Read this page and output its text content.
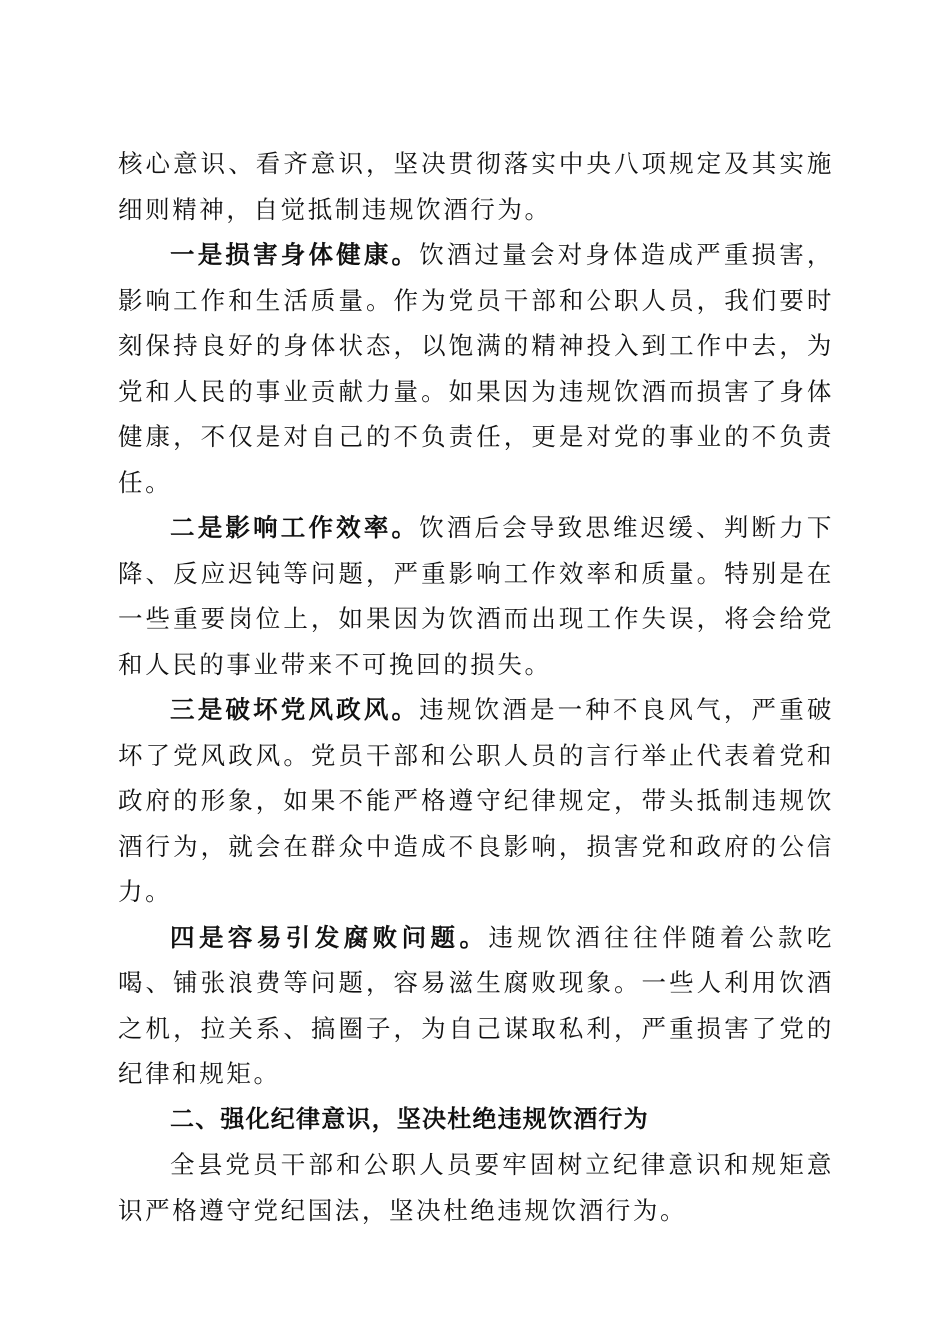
核心意识、看齐意识，坚决贯彻落实中央八项规定及其实施细则精神，自觉抵制违规饮酒行为。

一是损害身体健康。饮酒过量会对身体造成严重损害，影响工作和生活质量。作为党员干部和公职人员，我们要时刻保持良好的身体状态，以饱满的精神投入到工作中去，为党和人民的事业贡献力量。如果因为违规饮酒而损害了身体健康，不仅是对自己的不负责任，更是对党的事业的不负责任。

二是影响工作效率。饮酒后会导致思维迟缓、判断力下降、反应迟钝等问题，严重影响工作效率和质量。特别是在一些重要岗位上，如果因为饮酒而出现工作失误，将会给党和人民的事业带来不可挽回的损失。

三是破坏党风政风。违规饮酒是一种不良风气，严重破坏了党风政风。党员干部和公职人员的言行举止代表着党和政府的形象，如果不能严格遵守纪律规定，带头抵制违规饮酒行为，就会在群众中造成不良影响，损害党和政府的公信力。

四是容易引发腐败问题。违规饮酒往往伴随着公款吃喝、铺张浪费等问题，容易滋生腐败现象。一些人利用饮酒之机，拉关系、搞圈子，为自己谋取私利，严重损害了党的纪律和规矩。

二、强化纪律意识，坚决杜绝违规饮酒行为

全县党员干部和公职人员要牢固树立纪律意识和规矩意识严格遵守党纪国法，坚决杜绝违规饮酒行为。
